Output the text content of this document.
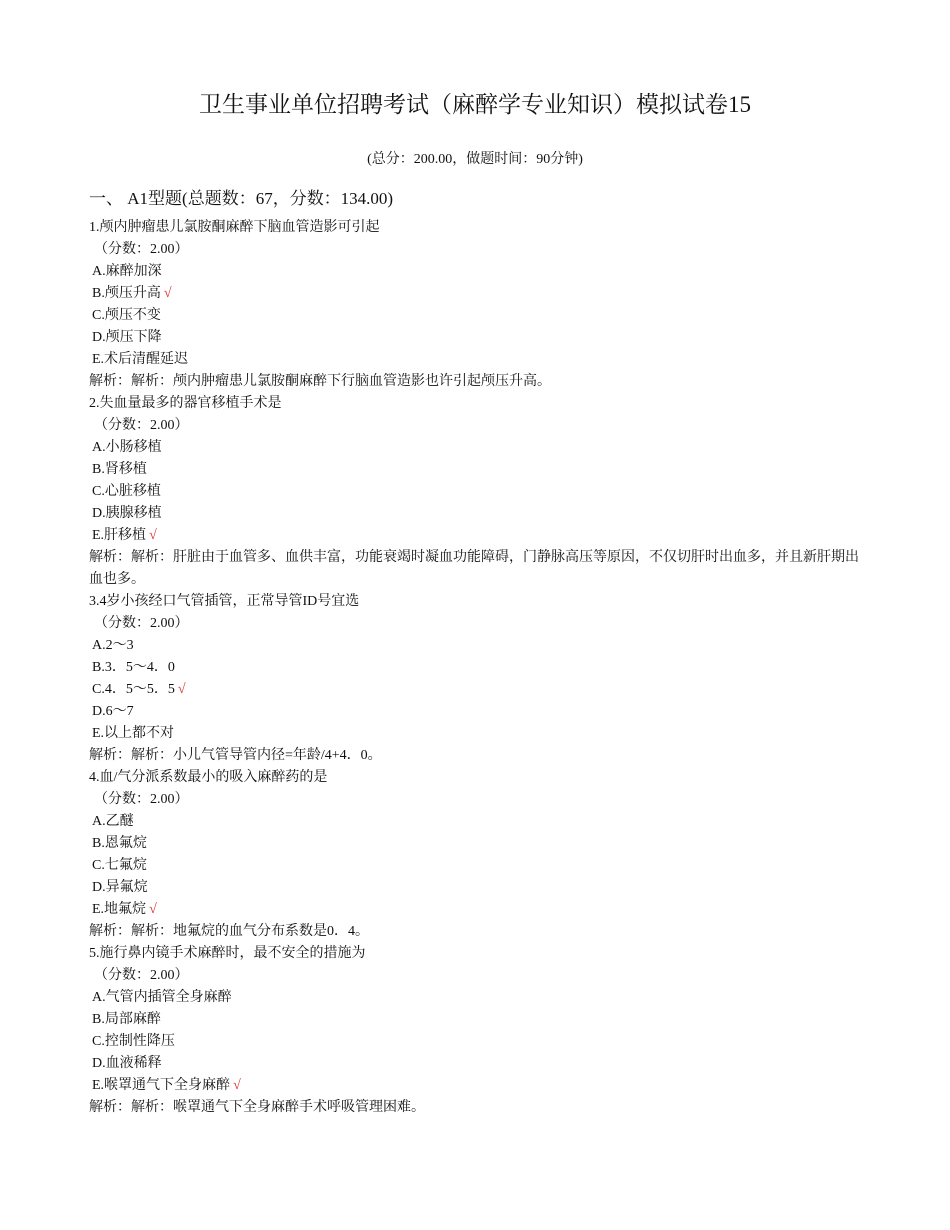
卫生事业单位招聘考试（麻醉学专业知识）模拟试卷15
(总分：200.00，做题时间：90分钟)
一、 A1型题(总题数：67，分数：134.00)
1.颅内肿瘤患儿氯胺酮麻醉下脑血管造影可引起
（分数：2.00）
A.麻醉加深
B.颅压升高 √
C.颅压不变
D.颅压下降
E.术后清醒延迟
解析：解析：颅内肿瘤患儿氯胺酮麻醉下行脑血管造影也许引起颅压升高。
2.失血量最多的器官移植手术是
（分数：2.00）
A.小肠移植
B.肾移植
C.心脏移植
D.胰腺移植
E.肝移植 √
解析：解析：肝脏由于血管多、血供丰富，功能衰竭时凝血功能障碍，门静脉高压等原因，不仅切肝时出血多，并且新肝期出血也多。
3.4岁小孩经口气管插管，正常导管ID号宜选
（分数：2.00）
A.2～3
B.3．5～4．0
C.4．5～5．5 √
D.6～7
E.以上都不对
解析：解析：小儿气管导管内径=年龄/4+4．0。
4.血/气分派系数最小的吸入麻醉药的是
（分数：2.00）
A.乙醚
B.恩氟烷
C.七氟烷
D.异氟烷
E.地氟烷 √
解析：解析：地氟烷的血气分布系数是0．4。
5.施行鼻内镜手术麻醉时，最不安全的措施为
（分数：2.00）
A.气管内插管全身麻醉
B.局部麻醉
C.控制性降压
D.血液稀释
E.喉罩通气下全身麻醉 √
解析：解析：喉罩通气下全身麻醉手术呼吸管理困难。
